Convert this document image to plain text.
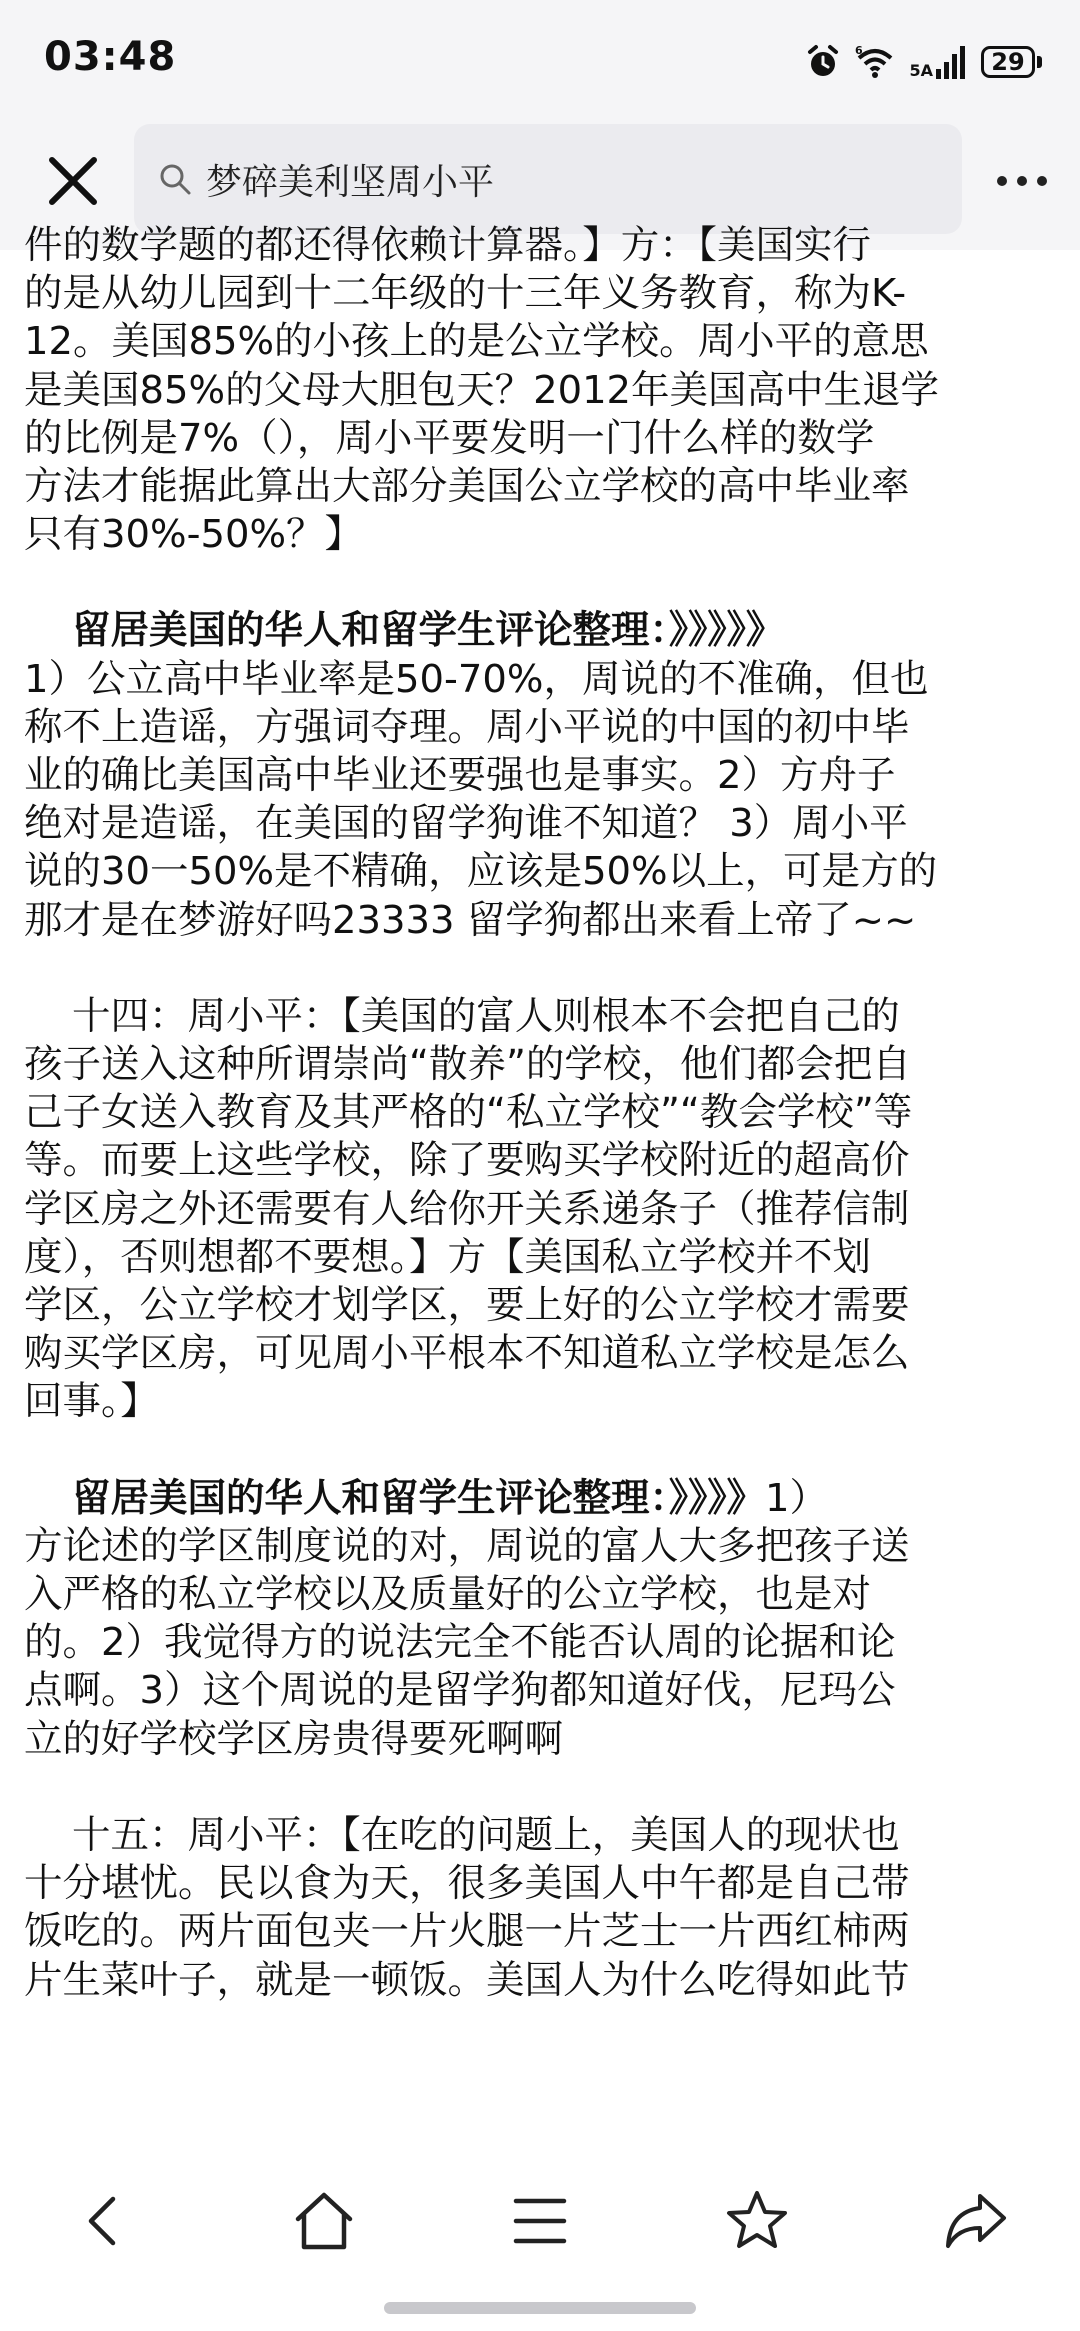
03:48	6
5A	29
梦碎美利坚周小平

件的数学题的都还得依赖计算器。】方：【美国实行
的是从幼儿园到十二年级的十三年义务教育，称为K-
12。美国85%的小孩上的是公立学校。周小平的意思
是美国85%的父母大胆包天？2012年美国高中生退学
的比例是7%（），周小平要发明一门什么样的数学
方法才能据此算出大部分美国公立学校的高中毕业率
只有30%-50%？】

留居美国的华人和留学生评论整理：》》》》》
1）公立高中毕业率是50-70%，周说的不准确，但也
称不上造谣，方强词夺理。周小平说的中国的初中毕
业的确比美国高中毕业还要强也是事实。2）方舟子
绝对是造谣，在美国的留学狗谁不知道？ 3）周小平
说的30一50%是不精确，应该是50%以上，可是方的
那才是在梦游好吗23333 留学狗都出来看上帝了~~

十四：周小平：【美国的富人则根本不会把自己的
孩子送入这种所谓崇尚“散养”的学校，他们都会把自
己子女送入教育及其严格的“私立学校”“教会学校”等
等。而要上这些学校，除了要购买学校附近的超高价
学区房之外还需要有人给你开关系递条子（推荐信制
度），否则想都不要想。】方【美国私立学校并不划
学区，公立学校才划学区，要上好的公立学校才需要
购买学区房，可见周小平根本不知道私立学校是怎么
回事。】

留居美国的华人和留学生评论整理：》》》》1）
方论述的学区制度说的对，周说的富人大多把孩子送
入严格的私立学校以及质量好的公立学校，也是对
的。2）我觉得方的说法完全不能否认周的论据和论
点啊。3）这个周说的是留学狗都知道好伐，尼玛公
立的好学校学区房贵得要死啊啊

十五：周小平：【在吃的问题上，美国人的现状也
十分堪忧。民以食为天，很多美国人中午都是自己带
饭吃的。两片面包夹一片火腿一片芝士一片西红柿两
片生菜叶子，就是一顿饭。美国人为什么吃得如此节
